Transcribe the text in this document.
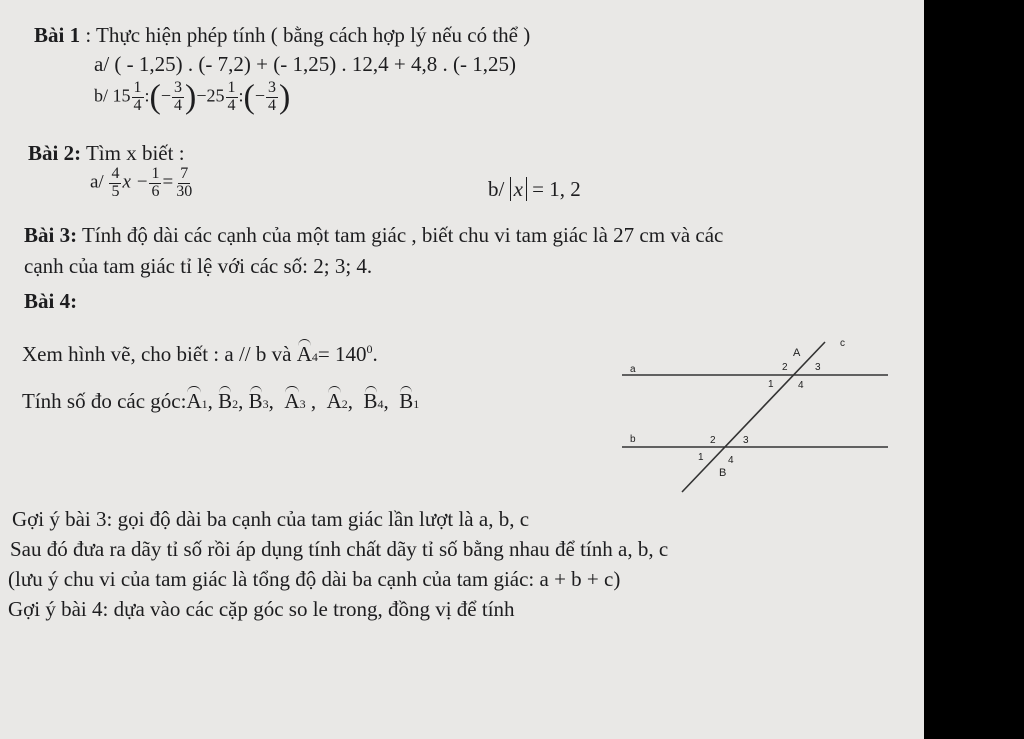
Bài 1 : Thực hiện phép tính ( bằng cách hợp lý nếu có thể )
a/ ( - 1,25) . (- 7,2) + (- 1,25) . 12,4 + 4,8 . (- 1,25)
b/ $15 \frac{1}{4}$ :(− $\frac{3}{4} )-25 \frac{1}{4}$ :(− $\frac{3}{4}$ )
Bài 2: Tìm x biết :
$a/ \frac{4}{5}$ $x - \frac{1}{6} = \frac{7}{30}$	b/ x = 1, 2
Bài 3: Tính độ dài các cạnh của một tam giác , biết chu vi tam giác là 27 cm và các
cạnh của tam giác tỉ lệ với các số: 2; 3; 4.
Bài 4:
Xem hình vẽ, cho biết : a // b và $A4= 140^0$.
Tính số đo các góc:A1, B2, B3,  A3 ,  A2,  B4,  B1
a
b
c
A
2	3
1 4
2	3
1 4
B
Gợi ý bài 3: gọi độ dài ba cạnh của tam giác lần lượt là a, b, c
Sau đó đưa ra dãy tỉ số rồi áp dụng tính chất dãy tỉ số bằng nhau để tính a, b, c
(lưu ý chu vi của tam giác là tổng độ dài ba cạnh của tam giác: a + b + c)
Gợi ý bài 4: dựa vào các cặp góc so le trong, đồng vị để tính
